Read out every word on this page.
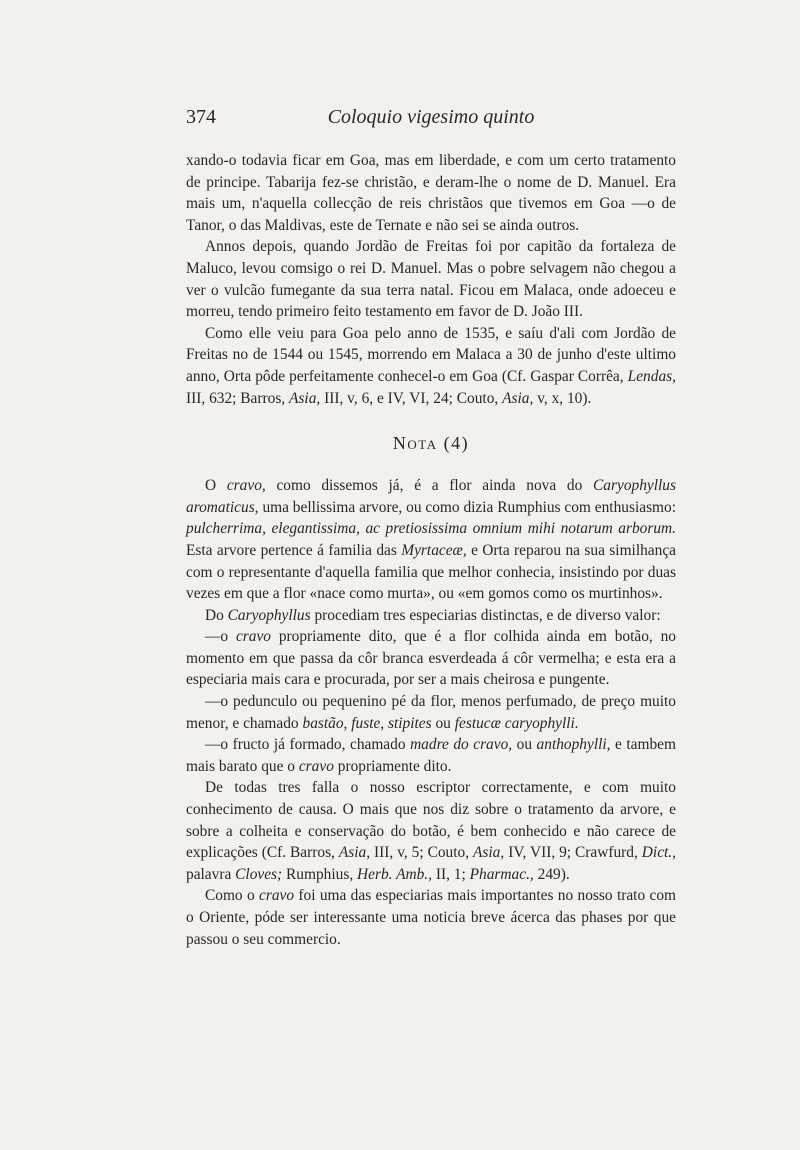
374	Coloquio vigesimo quinto

xando-o todavia ficar em Goa, mas em liberdade, e com um certo tratamento de principe. Tabarija fez-se christão, e deram-lhe o nome de D. Manuel. Era mais um, n'aquella collecção de reis christãos que tivemos em Goa —o de Tanor, o das Maldivas, este de Ternate e não sei se ainda outros.

Annos depois, quando Jordão de Freitas foi por capitão da fortaleza de Maluco, levou comsigo o rei D. Manuel. Mas o pobre selvagem não chegou a ver o vulcão fumegante da sua terra natal. Ficou em Malaca, onde adoeceu e morreu, tendo primeiro feito testamento em favor de D. João III.

Como elle veiu para Goa pelo anno de 1535, e saíu d'ali com Jordão de Freitas no de 1544 ou 1545, morrendo em Malaca a 30 de junho d'este ultimo anno, Orta pôde perfeitamente conhecel-o em Goa (Cf. Gaspar Corrêa, Lendas, III, 632; Barros, Asia, III, v, 6, e IV, VI, 24; Couto, Asia, v, x, 10).

Nota (4)

O cravo, como dissemos já, é a flor ainda nova do Caryophyllus aromaticus, uma bellissima arvore, ou como dizia Rumphius com enthusiasmo: pulcherrima, elegantissima, ac pretiosissima omnium mihi notarum arborum. Esta arvore pertence á familia das Myrtaceæ, e Orta reparou na sua similhança com o representante d'aquella familia que melhor conhecia, insistindo por duas vezes em que a flor «nace como murta», ou «em gomos como os murtinhos».

Do Caryophyllus procediam tres especiarias distinctas, e de diverso valor:

—o cravo propriamente dito, que é a flor colhida ainda em botão, no momento em que passa da côr branca esverdeada á côr vermelha; e esta era a especiaria mais cara e procurada, por ser a mais cheirosa e pungente.

—o pedunculo ou pequenino pé da flor, menos perfumado, de preço muito menor, e chamado bastão, fuste, stipites ou festucæ caryophylli.

—o fructo já formado, chamado madre do cravo, ou anthophylli, e tambem mais barato que o cravo propriamente dito.

De todas tres falla o nosso escriptor correctamente, e com muito conhecimento de causa. O mais que nos diz sobre o tratamento da arvore, e sobre a colheita e conservação do botão, é bem conhecido e não carece de explicações (Cf. Barros, Asia, III, v, 5; Couto, Asia, IV, VII, 9; Crawfurd, Dict., palavra Cloves; Rumphius, Herb. Amb., II, 1; Pharmac., 249).

Como o cravo foi uma das especiarias mais importantes no nosso trato com o Oriente, póde ser interessante uma noticia breve ácerca das phases por que passou o seu commercio.
